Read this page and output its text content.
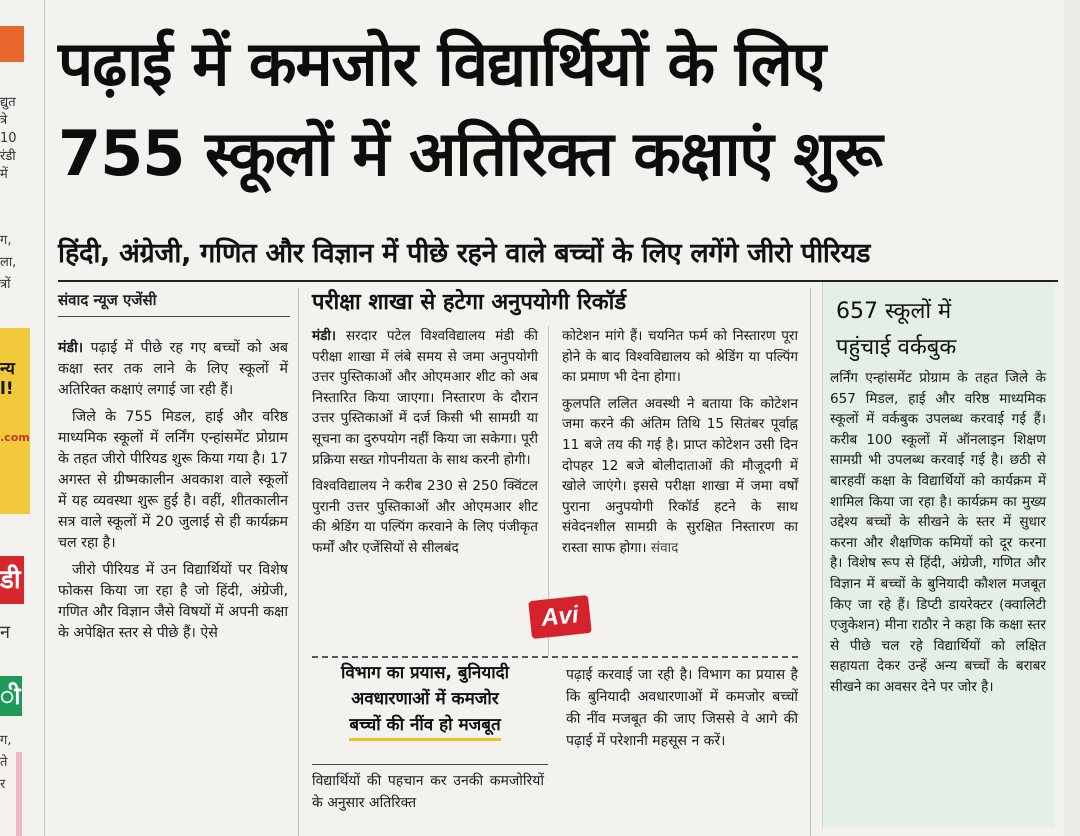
द्युत
त्रे
10
रंडी
में
ग,
ला,
त्रों
न्य
l!
.com
डी
न
ी
ग,
ते
र
पढ़ाई में कमजोर विद्यार्थियों के लिए
755 स्कूलों में अतिरिक्त कक्षाएं शुरू
हिंदी, अंग्रेजी, गणित और विज्ञान में पीछे रहने वाले बच्चों के लिए लगेंगे जीरो पीरियड
संवाद न्यूज एजेंसी

मंडी। पढ़ाई में पीछे रह गए बच्चों को अब कक्षा स्तर तक लाने के लिए स्कूलों में अतिरिक्त कक्षाएं लगाई जा रही हैं।

जिले के 755 मिडल, हाई और वरिष्ठ माध्यमिक स्कूलों में लर्निंग एन्हांसमेंट प्रोग्राम के तहत जीरो पीरियड शुरू किया गया है। 17 अगस्त से ग्रीष्मकालीन अवकाश वाले स्कूलों में यह व्यवस्था शुरू हुई है। वहीं, शीतकालीन सत्र वाले स्कूलों में 20 जुलाई से ही कार्यक्रम चल रहा है।

जीरो पीरियड में उन विद्यार्थियों पर विशेष फोकस किया जा रहा है जो हिंदी, अंग्रेजी, गणित और विज्ञान जैसे विषयों में अपनी कक्षा के अपेक्षित स्तर से पीछे हैं। ऐसे

परीक्षा शाखा से हटेगा अनुपयोगी रिकॉर्ड

मंडी। सरदार पटेल विश्वविद्यालय मंडी की परीक्षा शाखा में लंबे समय से जमा अनुपयोगी उत्तर पुस्तिकाओं और ओएमआर शीट को अब निस्तारित किया जाएगा। निस्तारण के दौरान उत्तर पुस्तिकाओं में दर्ज किसी भी सामग्री या सूचना का दुरुपयोग नहीं किया जा सकेगा। पूरी प्रक्रिया सख्त गोपनीयता के साथ करनी होगी।

विश्वविद्यालय ने करीब 230 से 250 क्विंटल पुरानी उत्तर पुस्तिकाओं और ओएमआर शीट की श्रेडिंग या पल्पिंग करवाने के लिए पंजीकृत फर्मों और एजेंसियों से सीलबंद

कोटेशन मांगे हैं। चयनित फर्म को निस्तारण पूरा होने के बाद विश्वविद्यालय को श्रेडिंग या पल्पिंग का प्रमाण भी देना होगा।

कुलपति ललित अवस्थी ने बताया कि कोटेशन जमा करने की अंतिम तिथि 15 सितंबर पूर्वाह्न 11 बजे तय की गई है। प्राप्त कोटेशन उसी दिन दोपहर 12 बजे बोलीदाताओं की मौजूदगी में खोले जाएंगे। इससे परीक्षा शाखा में जमा वर्षों पुराना अनुपयोगी रिकॉर्ड हटने के साथ संवेदनशील सामग्री के सुरक्षित निस्तारण का रास्ता साफ होगा। संवाद

Avi
विभाग का प्रयास, बुनियादी
अवधारणाओं में कमजोर
बच्चों की नींव हो मजबूत

विद्यार्थियों की पहचान कर उनकी कमजोरियों के अनुसार अतिरिक्त

पढ़ाई करवाई जा रही है। विभाग का प्रयास है कि बुनियादी अवधारणाओं में कमजोर बच्चों की नींव मजबूत की जाए जिससे वे आगे की पढ़ाई में परेशानी महसूस न करें।

657 स्कूलों में
पहुंचाई वर्कबुक

लर्निंग एन्हांसमेंट प्रोग्राम के तहत जिले के 657 मिडल, हाई और वरिष्ठ माध्यमिक स्कूलों में वर्कबुक उपलब्ध करवाई गई हैं। करीब 100 स्कूलों में ऑनलाइन शिक्षण सामग्री भी उपलब्ध करवाई गई है। छठी से बारहवीं कक्षा के विद्यार्थियों को कार्यक्रम में शामिल किया जा रहा है। कार्यक्रम का मुख्य उद्देश्य बच्चों के सीखने के स्तर में सुधार करना और शैक्षणिक कमियों को दूर करना है। विशेष रूप से हिंदी, अंग्रेजी, गणित और विज्ञान में बच्चों के बुनियादी कौशल मजबूत किए जा रहे हैं। डिप्टी डायरेक्टर (क्वालिटी एजुकेशन) मीना राठौर ने कहा कि कक्षा स्तर से पीछे चल रहे विद्यार्थियों को लक्षित सहायता देकर उन्हें अन्य बच्चों के बराबर सीखने का अवसर देने पर जोर है।
